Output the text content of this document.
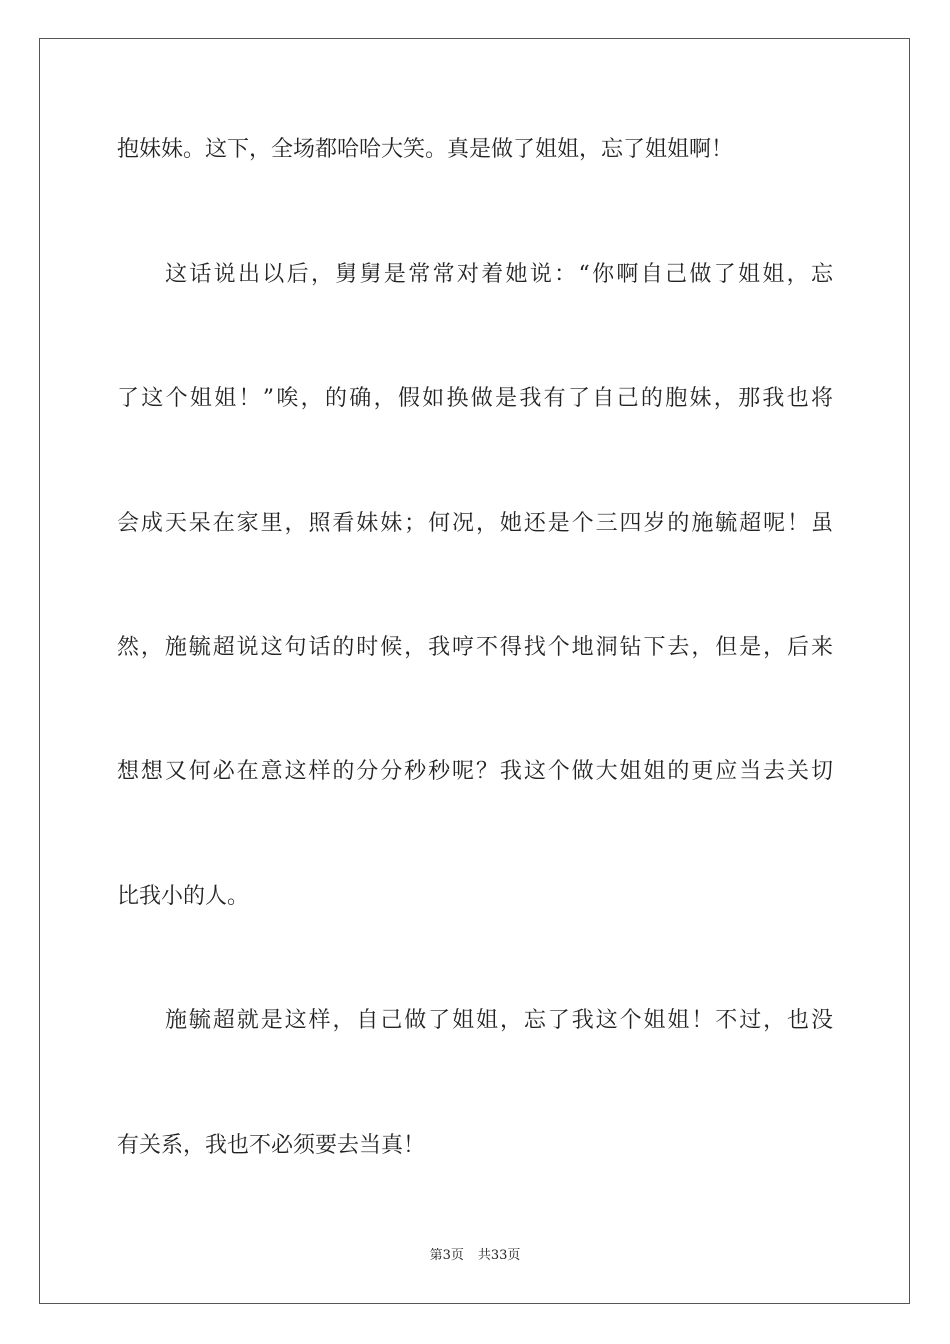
抱妹妹。这下，全场都哈哈大笑。真是做了姐姐，忘了姐姐啊！
这话说出以后，舅舅是常常对着她说：“你啊自己做了姐姐，忘
了这个姐姐！”唉，的确，假如换做是我有了自己的胞妹，那我也将
会成天呆在家里，照看妹妹；何况，她还是个三四岁的施毓超呢！虽
然，施毓超说这句话的时候，我哼不得找个地洞钻下去，但是，后来
想想又何必在意这样的分分秒秒呢？我这个做大姐姐的更应当去关切
比我小的人。
施毓超就是这样，自己做了姐姐，忘了我这个姐姐！不过，也没
有关系，我也不必须要去当真！
第3页 共33页
